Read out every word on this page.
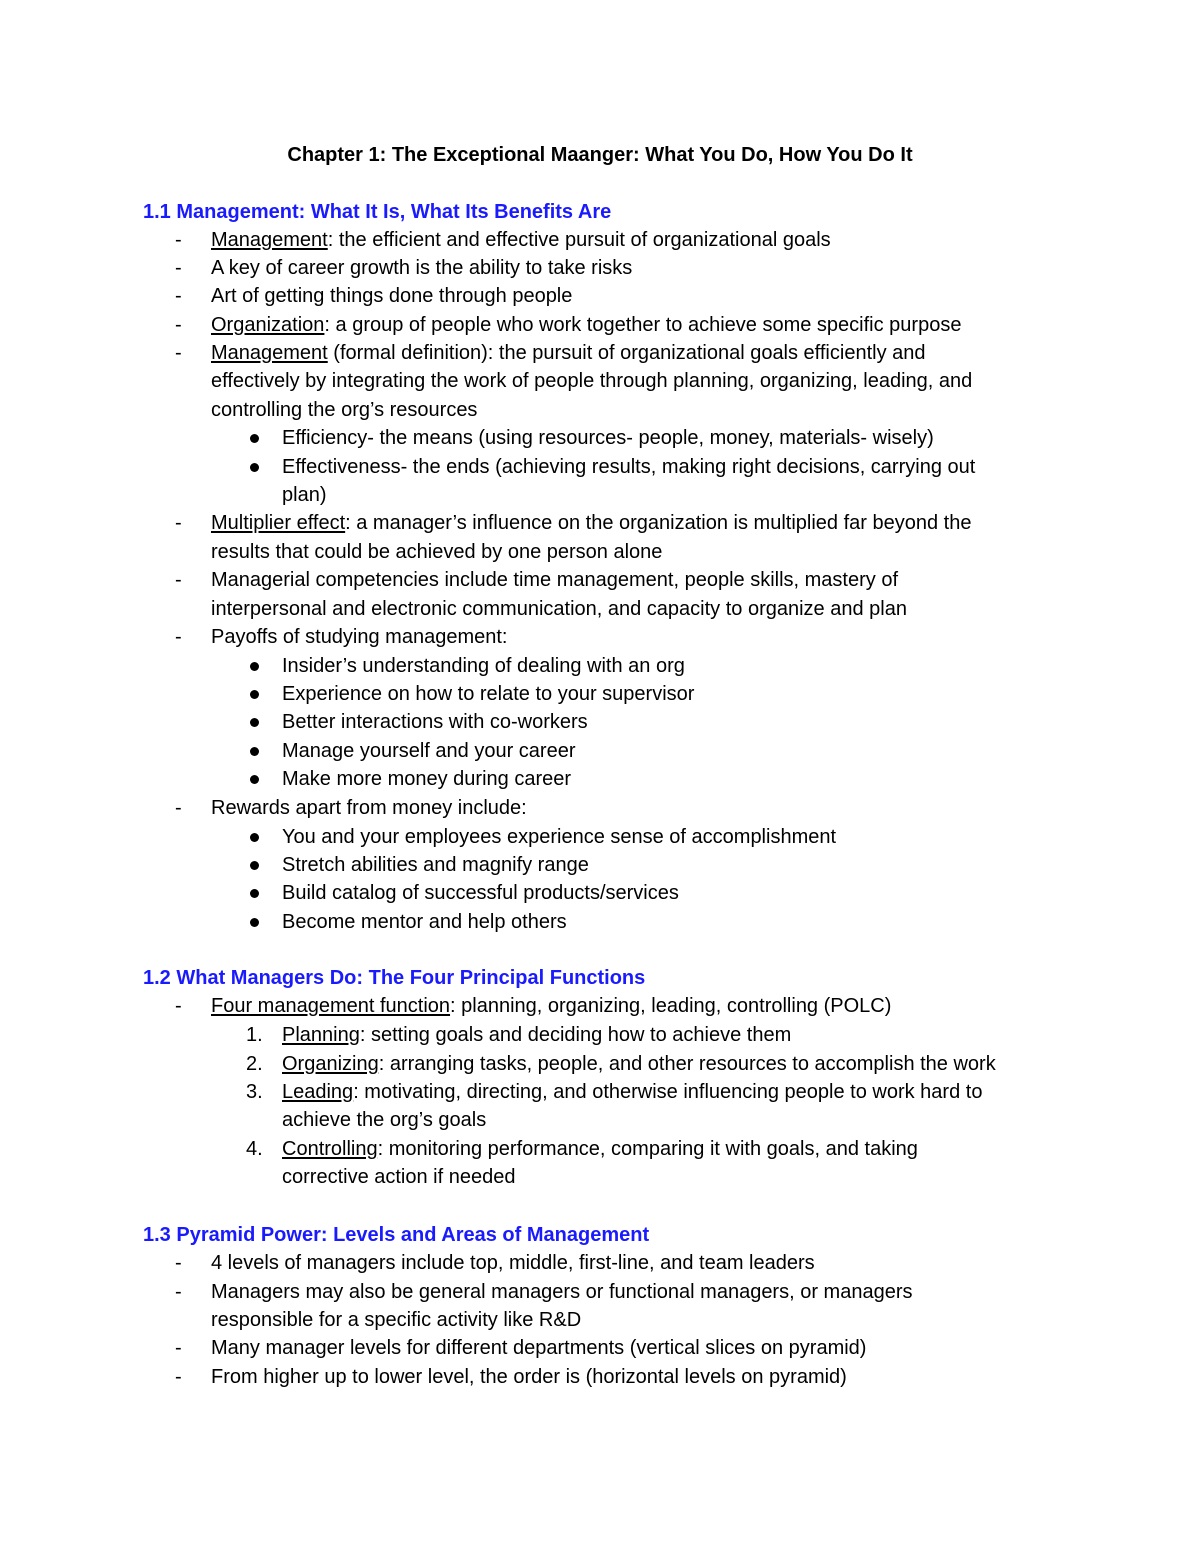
Chapter 1: The Exceptional Maanger: What You Do, How You Do It
1.1 Management: What It Is, What Its Benefits Are
- Management: the efficient and effective pursuit of organizational goals
- A key of career growth is the ability to take risks
- Art of getting things done through people
- Organization: a group of people who work together to achieve some specific purpose
- Management (formal definition): the pursuit of organizational goals efficiently and
effectively by integrating the work of people through planning, organizing, leading, and
controlling the org’s resources
Efficiency- the means (using resources- people, money, materials- wisely)
Effectiveness- the ends (achieving results, making right decisions, carrying out
plan)
- Multiplier effect: a manager’s influence on the organization is multiplied far beyond the
results that could be achieved by one person alone
- Managerial competencies include time management, people skills, mastery of
interpersonal and electronic communication, and capacity to organize and plan
- Payoffs of studying management:
Insider’s understanding of dealing with an org
Experience on how to relate to your supervisor
Better interactions with co-workers
Manage yourself and your career
Make more money during career
- Rewards apart from money include:
You and your employees experience sense of accomplishment
Stretch abilities and magnify range
Build catalog of successful products/services
Become mentor and help others
1.2 What Managers Do: The Four Principal Functions
- Four management function: planning, organizing, leading, controlling (POLC)
1. Planning: setting goals and deciding how to achieve them
2. Organizing: arranging tasks, people, and other resources to accomplish the work
3. Leading: motivating, directing, and otherwise influencing people to work hard to
achieve the org’s goals
4. Controlling: monitoring performance, comparing it with goals, and taking
corrective action if needed
1.3 Pyramid Power: Levels and Areas of Management
- 4 levels of managers include top, middle, first-line, and team leaders
- Managers may also be general managers or functional managers, or managers
responsible for a specific activity like R&D
- Many manager levels for different departments (vertical slices on pyramid)
- From higher up to lower level, the order is (horizontal levels on pyramid)
